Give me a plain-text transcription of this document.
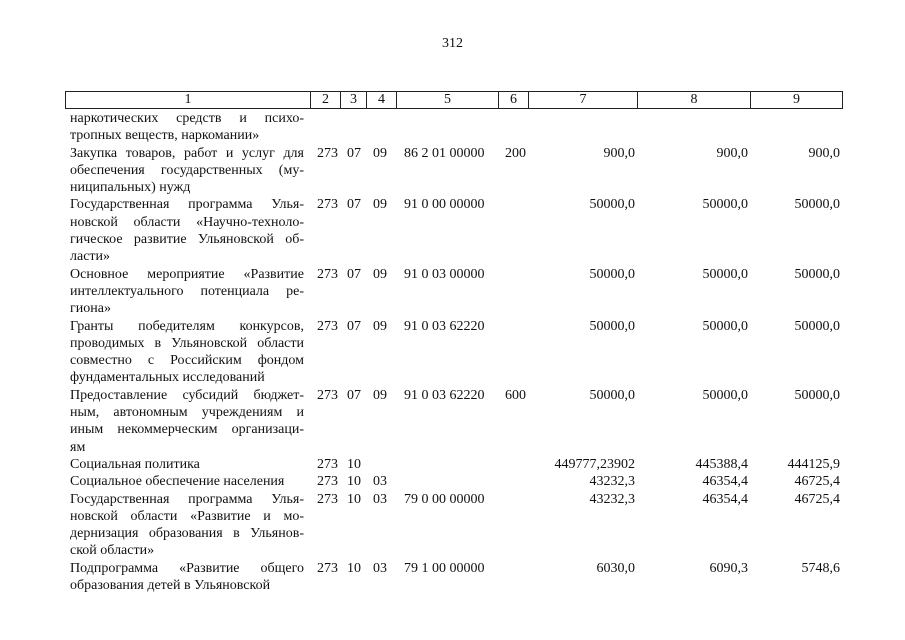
312
1	2	3	4	5	6	7	8	9
наркотических средств и психо-
тропных веществ, наркомании»								

Закупка товаров, работ и услуг для
обеспечения государственных (му-
ниципальных) нужд	273	07	09	86 2 01 00000	200	900,0	900,0	900,0

Государственная программа Улья-
новской области «Научно-техноло-
гическое развитие Ульяновской об-
ласти»	273	07	09	91 0 00 00000		50000,0	50000,0	50000,0

Основное мероприятие «Развитие
интеллектуального потенциала ре-
гиона»	273	07	09	91 0 03 00000		50000,0	50000,0	50000,0

Гранты победителям конкурсов,
проводимых в Ульяновской области
совместно с Российским фондом
фундаментальных исследований	273	07	09	91 0 03 62220		50000,0	50000,0	50000,0

Предоставление субсидий бюджет-
ным, автономным учреждениям и
иным некоммерческим организаци-
ям	273	07	09	91 0 03 62220	600	50000,0	50000,0	50000,0

Социальная политика	273	10				449777,23902	445388,4	444125,9

Социальное обеспечение населения	273	10	03			43232,3	46354,4	46725,4

Государственная программа Улья-
новской области «Развитие и мо-
дернизация образования в Ульянов-
ской области»	273	10	03	79 0 00 00000		43232,3	46354,4	46725,4

Подпрограмма «Развитие общего
образования детей в Ульяновской	273	10	03	79 1 00 00000		6030,0	6090,3	5748,6
